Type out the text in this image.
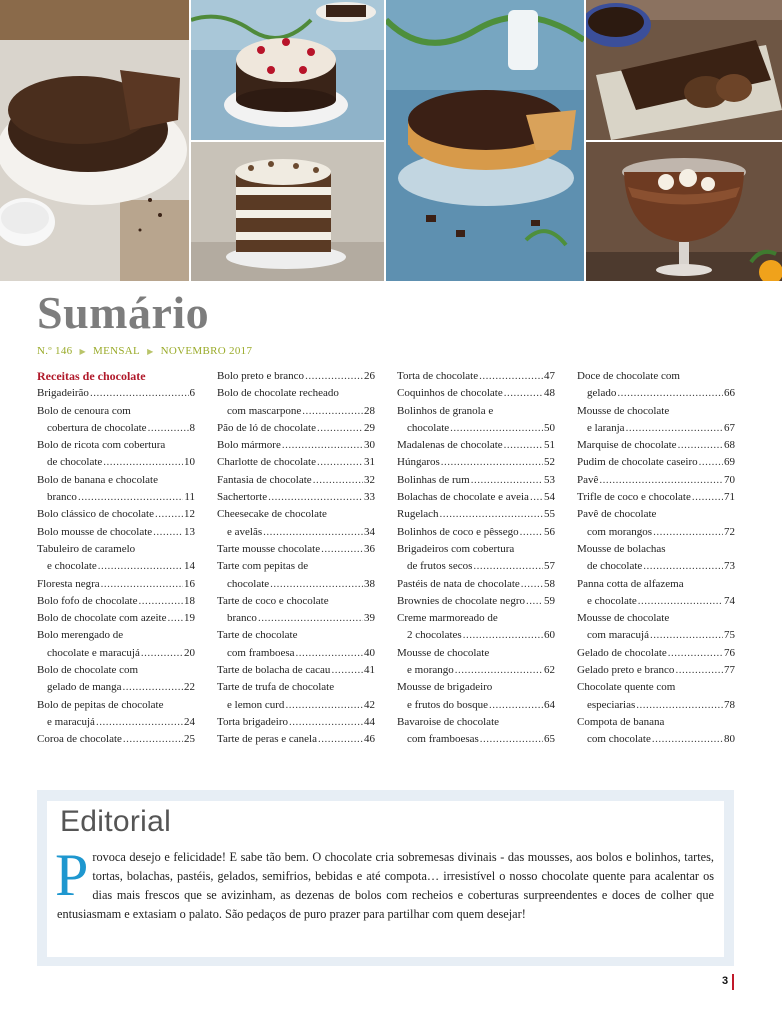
Sumário
N.º 146 ▶ MENSAL ▶ NOVEMBRO 2017
Receitas de chocolate
Brigadeirão .....	6
Bolo de cenoura com
cobertura de chocolate .....	8
Bolo de ricota com cobertura
de chocolate .....	10
Bolo de banana e chocolate
branco .....	11
Bolo clássico de chocolate .....	12
Bolo mousse de chocolate .....	13
Tabuleiro de caramelo
e chocolate .....	14
Floresta negra .....	16
Bolo fofo de chocolate .....	18
Bolo de chocolate com azeite ..... 19
Bolo merengado de
chocolate e maracujá .....	20
Bolo de chocolate com
gelado de manga .....	22
Bolo de pepitas de chocolate
e maracujá .....	24
Coroa de chocolate .....	25
Bolo preto e branco .....	26
Bolo de chocolate recheado
com mascarpone .....	28
Pão de ló de chocolate .....	29
Bolo mármore .....	30
Charlotte de chocolate .....	31
Fantasia de chocolate .....	32
Sachertorte .....	33
Cheesecake de chocolate
e avelãs .....	34
Tarte mousse chocolate .....	36
Tarte com pepitas de
chocolate .....	38
Tarte de coco e chocolate
branco .....	39
Tarte de chocolate
com framboesa .....	40
Tarte de bolacha de cacau .....	41
Tarte de trufa de chocolate
e lemon curd .....	42
Torta brigadeiro .....	44
Tarte de peras e canela .....	46
Torta de chocolate .....	47
Coquinhos de chocolate .....	48
Bolinhos de granola e
chocolate .....	50
Madalenas de chocolate .....	51
Húngaros .....	52
Bolinhas de rum .....	53
Bolachas de chocolate e aveia ..... 54
Rugelach .....	55
Bolinhos de coco e pêssego ..... 56
Brigadeiros com cobertura
de frutos secos .....	57
Pastéis de nata de chocolate ..... 58
Brownies de chocolate negro ..... 59
Creme marmoreado de
2 chocolates .....	60
Mousse de chocolate
e morango .....	62
Mousse de brigadeiro
e frutos do bosque .....	64
Bavaroise de chocolate
com framboesas .....	65
Doce de chocolate com
gelado .....	66
Mousse de chocolate
e laranja .....	67
Marquise de chocolate .....	68
Pudim de chocolate caseiro ..... 69
Pavê .....	70
Trifle de coco e chocolate .....	71
Pavê de chocolate
com morangos .....	72
Mousse de bolachas
de chocolate .....	73
Panna cotta de alfazema
e chocolate .....	74
Mousse de chocolate
com maracujá .....	75
Gelado de chocolate .....	76
Gelado preto e branco .....	77
Chocolate quente com
especiarias .....	78
Compota de banana
com chocolate .....	80
Editorial
Provoca desejo e felicidade! E sabe tão bem. O chocolate cria sobremesas divinais - das mousses, aos bolos e bolinhos, tartes, tortas, bolachas, pastéis, gelados, semifrios, bebidas e até compota… irresistível o nosso chocolate quente para acalentar os dias mais frescos que se avizinham, as dezenas de bolos com recheios e coberturas surpreendentes e doces de colher que entusiasmam e extasiam o palato. São pedaços de puro prazer para partilhar com quem desejar!
3
